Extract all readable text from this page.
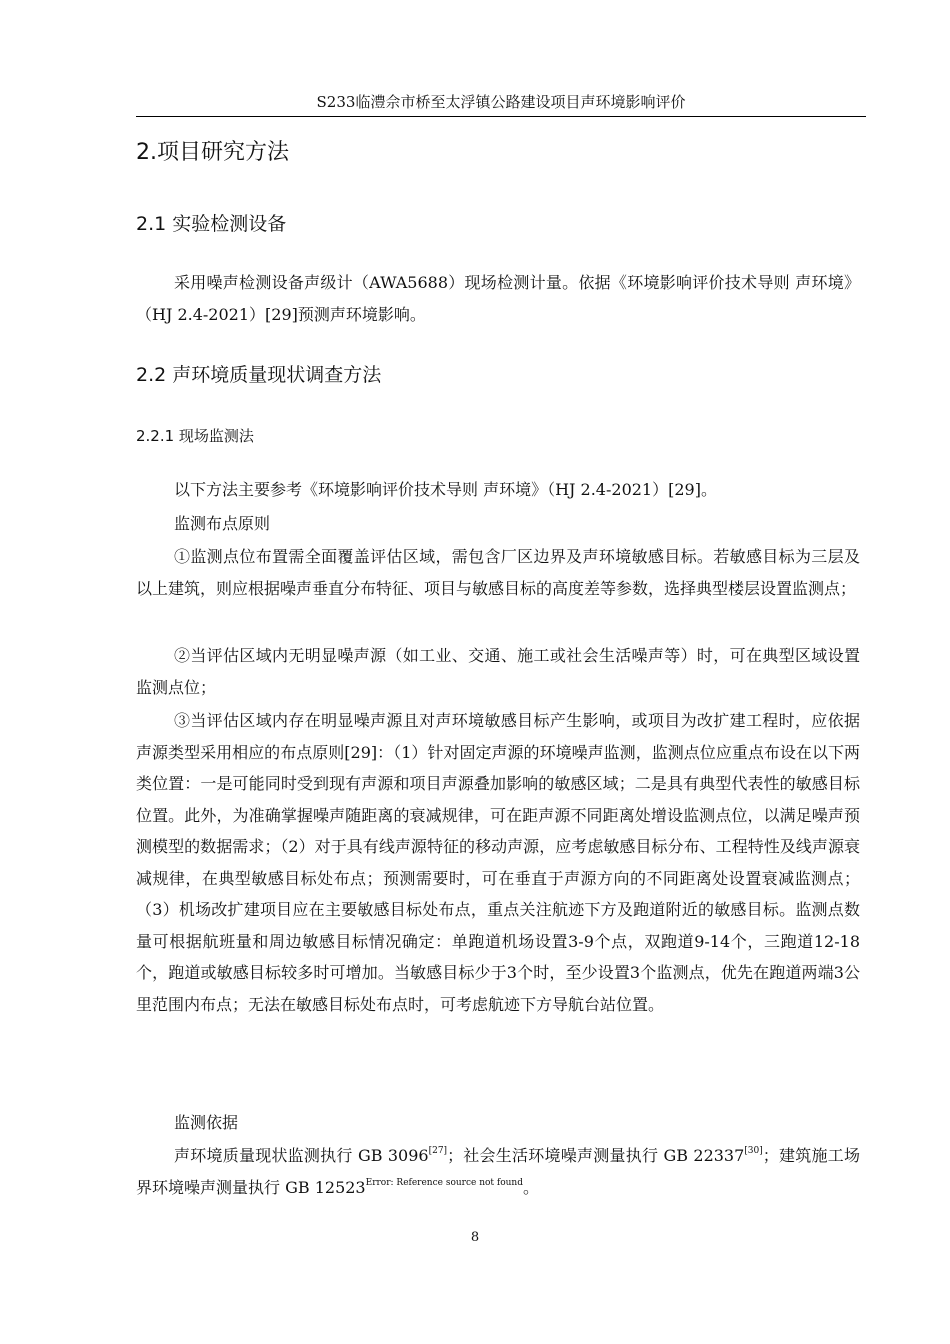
S233临澧佘市桥至太浮镇公路建设项目声环境影响评价
2.项目研究方法
2.1 实验检测设备
采用噪声检测设备声级计（AWA5688）现场检测计量。依据《环境影响评价技术导则 声环境》（HJ 2.4-2021）[29]预测声环境影响。
2.2 声环境质量现状调查方法
2.2.1 现场监测法
以下方法主要参考《环境影响评价技术导则 声环境》（HJ 2.4-2021）[29]。
监测布点原则
①监测点位布置需全面覆盖评估区域，需包含厂区边界及声环境敏感目标。若敏感目标为三层及以上建筑，则应根据噪声垂直分布特征、项目与敏感目标的高度差等参数，选择典型楼层设置监测点；
②当评估区域内无明显噪声源（如工业、交通、施工或社会生活噪声等）时，可在典型区域设置监测点位；
③当评估区域内存在明显噪声源且对声环境敏感目标产生影响，或项目为改扩建工程时，应依据声源类型采用相应的布点原则[29]：（1）针对固定声源的环境噪声监测，监测点位应重点布设在以下两类位置：一是可能同时受到现有声源和项目声源叠加影响的敏感区域；二是具有典型代表性的敏感目标位置。此外，为准确掌握噪声随距离的衰减规律，可在距声源不同距离处增设监测点位，以满足噪声预测模型的数据需求；（2）对于具有线声源特征的移动声源，应考虑敏感目标分布、工程特性及线声源衰减规律，在典型敏感目标处布点；预测需要时，可在垂直于声源方向的不同距离处设置衰减监测点；（3）机场改扩建项目应在主要敏感目标处布点，重点关注航迹下方及跑道附近的敏感目标。监测点数量可根据航班量和周边敏感目标情况确定：单跑道机场设置3-9个点，双跑道9-14个，三跑道12-18个，跑道或敏感目标较多时可增加。当敏感目标少于3个时，至少设置3个监测点，优先在跑道两端3公里范围内布点；无法在敏感目标处布点时，可考虑航迹下方导航台站位置。
监测依据
声环境质量现状监测执行 GB 3096[27]；社会生活环境噪声测量执行 GB 22337[30]；建筑施工场界环境噪声测量执行 GB $12523^{Error: Reference source not found}$。
8
